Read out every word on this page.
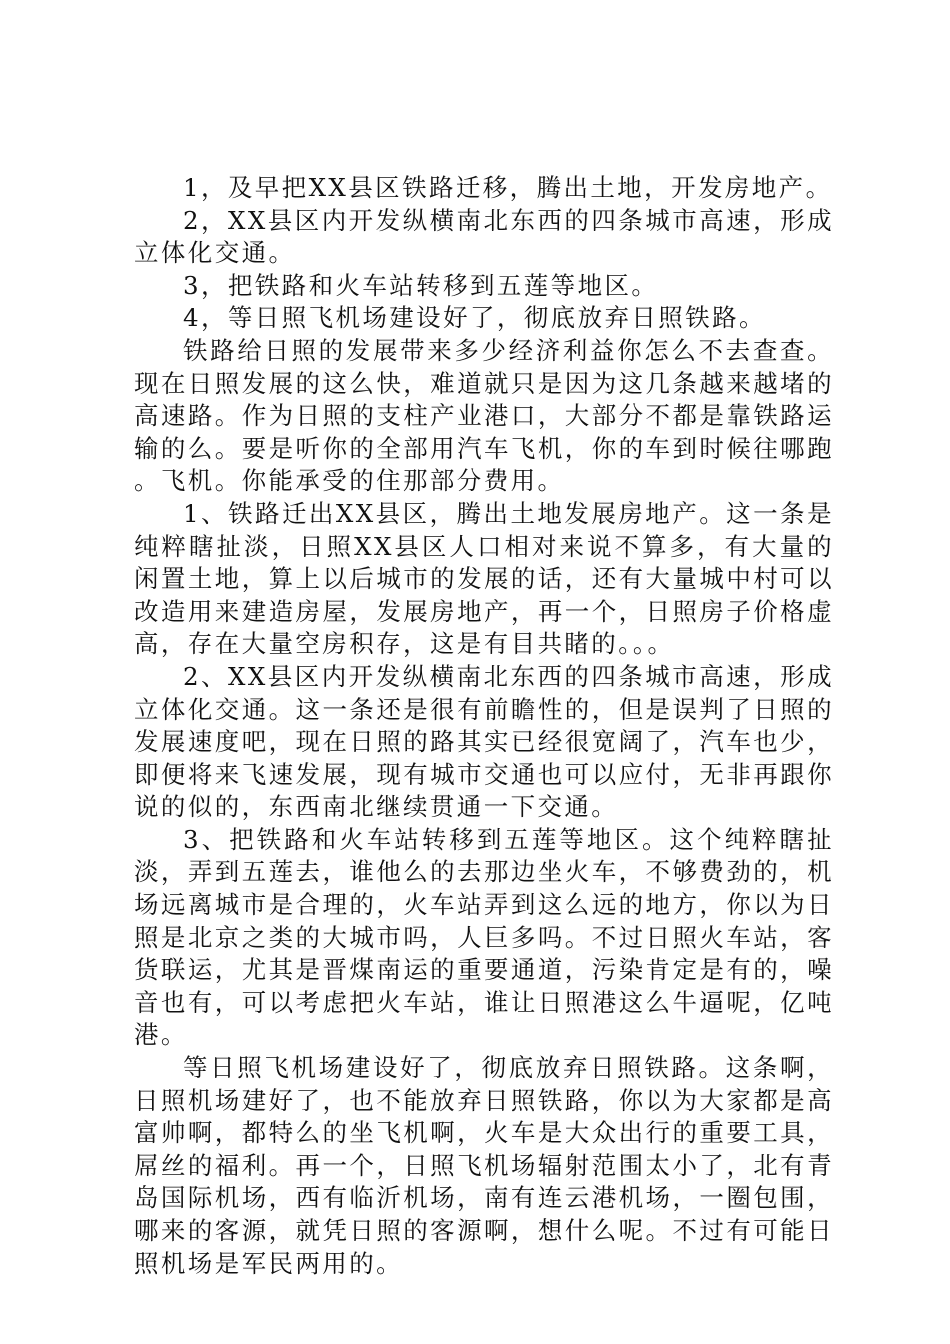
1，及早把XX县区铁路迁移，腾出土地，开发房地产。

2，XX县区内开发纵横南北东西的四条城市高速，形成立体化交通。

3，把铁路和火车站转移到五莲等地区。

4，等日照飞机场建设好了，彻底放弃日照铁路。

铁路给日照的发展带来多少经济利益你怎么不去查查。现在日照发展的这么快，难道就只是因为这几条越来越堵的高速路。作为日照的支柱产业港口，大部分不都是靠铁路运输的么。要是听你的全部用汽车飞机，你的车到时候往哪跑。飞机。你能承受的住那部分费用。

1、铁路迁出XX县区，腾出土地发展房地产。这一条是纯粹瞎扯淡，日照XX县区人口相对来说不算多，有大量的闲置土地，算上以后城市的发展的话，还有大量城中村可以改造用来建造房屋，发展房地产，再一个，日照房子价格虚高，存在大量空房积存，这是有目共睹的。。。

2、XX县区内开发纵横南北东西的四条城市高速，形成立体化交通。这一条还是很有前瞻性的，但是误判了日照的发展速度吧，现在日照的路其实已经很宽阔了，汽车也少，即便将来飞速发展，现有城市交通也可以应付，无非再跟你说的似的，东西南北继续贯通一下交通。

3、把铁路和火车站转移到五莲等地区。这个纯粹瞎扯淡，弄到五莲去，谁他么的去那边坐火车，不够费劲的，机场远离城市是合理的，火车站弄到这么远的地方，你以为日照是北京之类的大城市吗，人巨多吗。不过日照火车站，客货联运，尤其是晋煤南运的重要通道，污染肯定是有的，噪音也有，可以考虑把火车站，谁让日照港这么牛逼呢，亿吨港。

等日照飞机场建设好了，彻底放弃日照铁路。这条啊，日照机场建好了，也不能放弃日照铁路，你以为大家都是高富帅啊，都特么的坐飞机啊，火车是大众出行的重要工具，屌丝的福利。再一个，日照飞机场辐射范围太小了，北有青岛国际机场，西有临沂机场，南有连云港机场，一圈包围，哪来的客源，就凭日照的客源啊，想什么呢。不过有可能日照机场是军民两用的。
